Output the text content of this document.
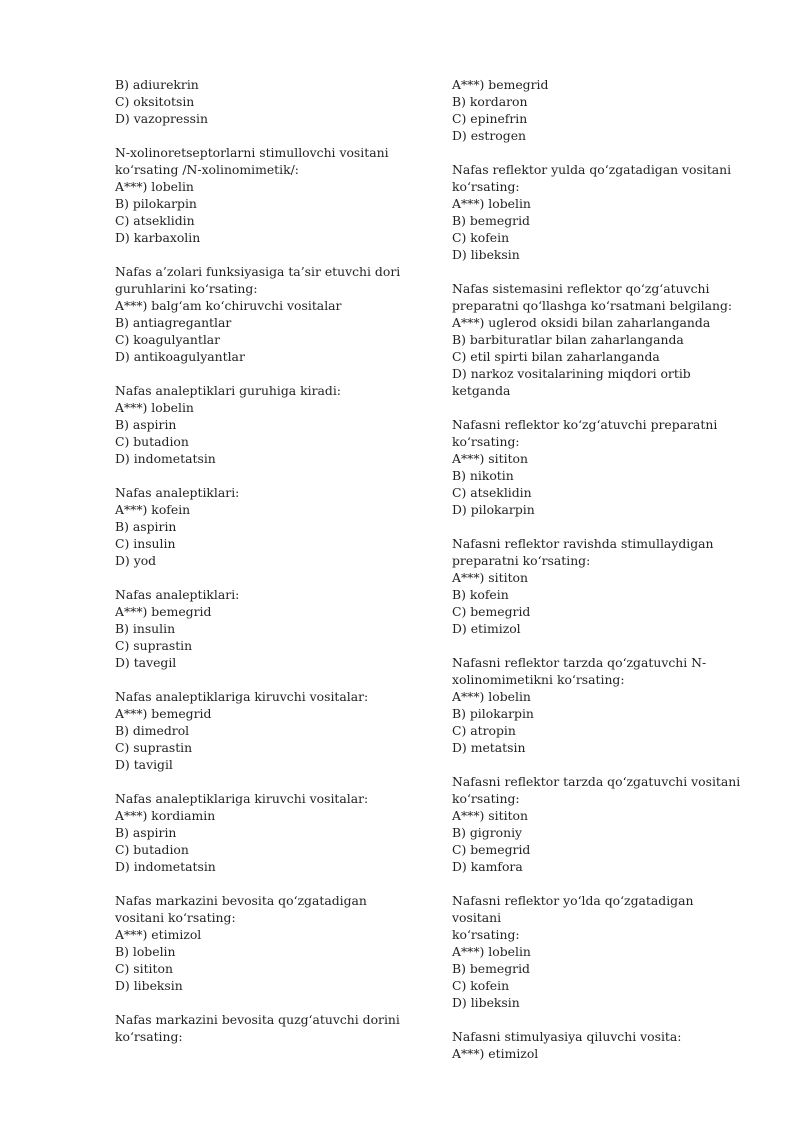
B) adiurekrin
C) oksitotsin
D) vazopressin
N-xolinoretseptorlarni stimullovchi vositani
ko‘rsating /N-xolinomimetik/:
A***) lobelin
B) pilokarpin
C) atseklidin
D) karbaxolin
Nafas a’zolari funksiyasiga ta’sir etuvchi dori
guruhlarini ko‘rsating:
A***) balg‘am ko‘chiruvchi vositalar
B) antiagregantlar
C) koagulyantlar
D) antikoagulyantlar
Nafas analeptiklari guruhiga kiradi:
A***) lobelin
B) aspirin
C) butadion
D) indometatsin
Nafas analeptiklari:
A***) kofein
B) aspirin
C) insulin
D) yod
Nafas analeptiklari:
A***) bemegrid
B) insulin
C) suprastin
D) tavegil
Nafas analeptiklariga kiruvchi vositalar:
A***) bemegrid
B) dimedrol
C) suprastin
D) tavigil
Nafas analeptiklariga kiruvchi vositalar:
A***) kordiamin
B) aspirin
C) butadion
D) indometatsin
Nafas markazini bevosita qo‘zgatadigan
vositani ko‘rsating:
A***) etimizol
B) lobelin
C) sititon
D) libeksin
Nafas markazini bevosita quzg‘atuvchi dorini
ko‘rsating:
A***) bemegrid
B) kordaron
C) epinefrin
D) estrogen
Nafas reflektor yulda qo‘zgatadigan vositani
ko‘rsating:
A***) lobelin
B) bemegrid
C) kofein
D) libeksin
Nafas sistemasini reflektor qo‘zg‘atuvchi
preparatni qo‘llashga ko‘rsatmani belgilang:
A***) uglerod oksidi bilan zaharlanganda
B) barbituratlar bilan zaharlanganda
C) etil spirti bilan zaharlanganda
D) narkoz vositalarining miqdori ortib
ketganda
Nafasni reflektor ko‘zg‘atuvchi preparatni
ko‘rsating:
A***) sititon
B) nikotin
C) atseklidin
D) pilokarpin
Nafasni reflektor ravishda stimullaydigan
preparatni ko‘rsating:
A***) sititon
B) kofein
C) bemegrid
D) etimizol
Nafasni reflektor tarzda qo‘zgatuvchi N-
xolinomimetikni ko‘rsating:
A***) lobelin
B) pilokarpin
C) atropin
D) metatsin
Nafasni reflektor tarzda qo‘zgatuvchi vositani
ko‘rsating:
A***) sititon
B) gigroniy
C) bemegrid
D) kamfora
Nafasni reflektor yo‘lda qo‘zgatadigan vositani
ko‘rsating:
A***) lobelin
B) bemegrid
C) kofein
D) libeksin
Nafasni stimulyasiya qiluvchi vosita:
A***) etimizol
